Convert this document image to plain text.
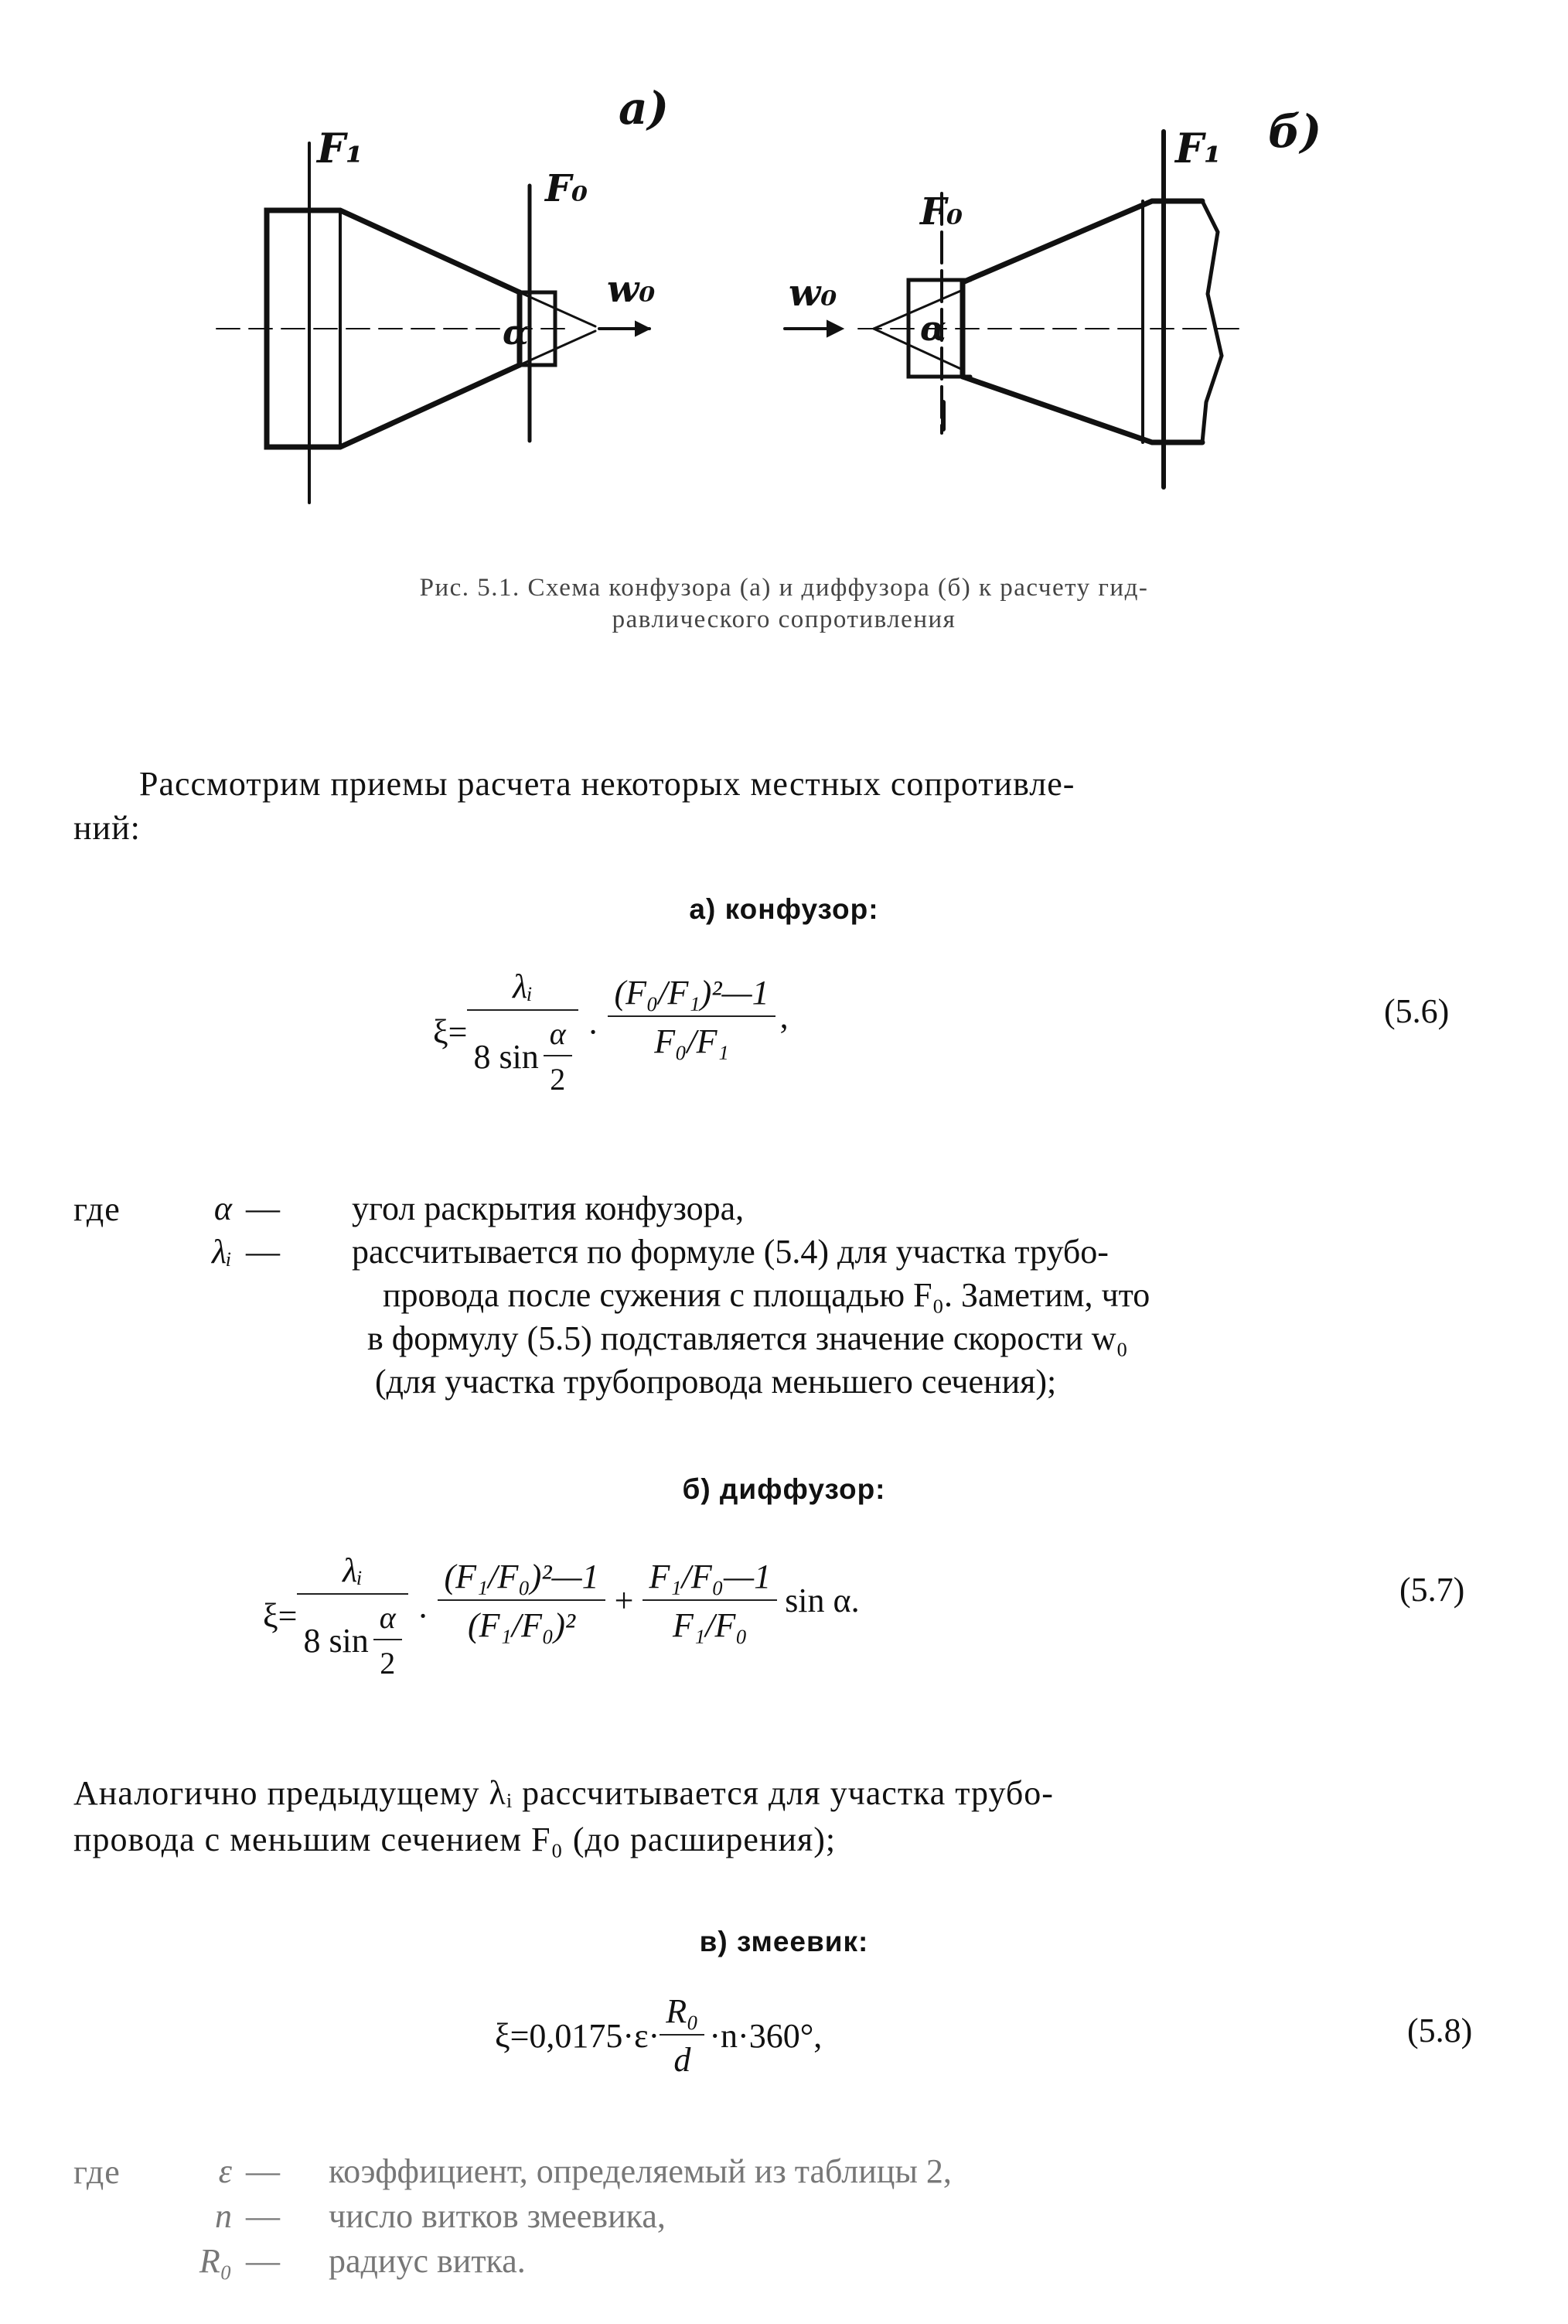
а)	б)
F₁
F₀
w₀
α
F₁
F₀
w₀
α
Рис. 5.1. Схема конфузора (а) и диффузора (б) к расчету гид-
равлического сопротивления
Рассмотрим приемы расчета некоторых местных сопротивле-
ний:
а) конфузор:
$\xi= \frac{\text{λᵢ}}{8 \sin \frac{\alpha}{2}} \cdot \frac{\text{(F₀/F₁)²—1}}{\text{F₀/F₁}}$ ,	(5.6)
где	α — угол раскрытия конфузора,
λᵢ — рассчитывается по формуле (5.4) для участка трубо-
провода после сужения с площадью F₀. Заметим, что
в формулу (5.5) подставляется значение скорости w₀
(для участка трубопровода меньшего сечения);
б) диффузор:
$\xi= \frac{\text{λᵢ}}{8 \sin \frac{\alpha}{2}} \cdot \frac{\text{(F₁/F₀)²—1}}{\text{(F₁/F₀)²}} + \frac{\text{F₁/F₀—1}}{\text{F₁/F₀}}$ sin α.	(5.7)
Аналогично предыдущему λᵢ рассчитывается для участка трубо-
провода с меньшим сечением F₀ (до расширения);
в) змеевик:
$\xi=0,0175\cdot\varepsilon\cdot \frac{\text{R₀}}{d} \cdot n\cdot 360^\circ$,	(5.8)
где	ε — коэффициент, определяемый из таблицы 2,
n — число витков змеевика,
R₀ — радиус витка.
